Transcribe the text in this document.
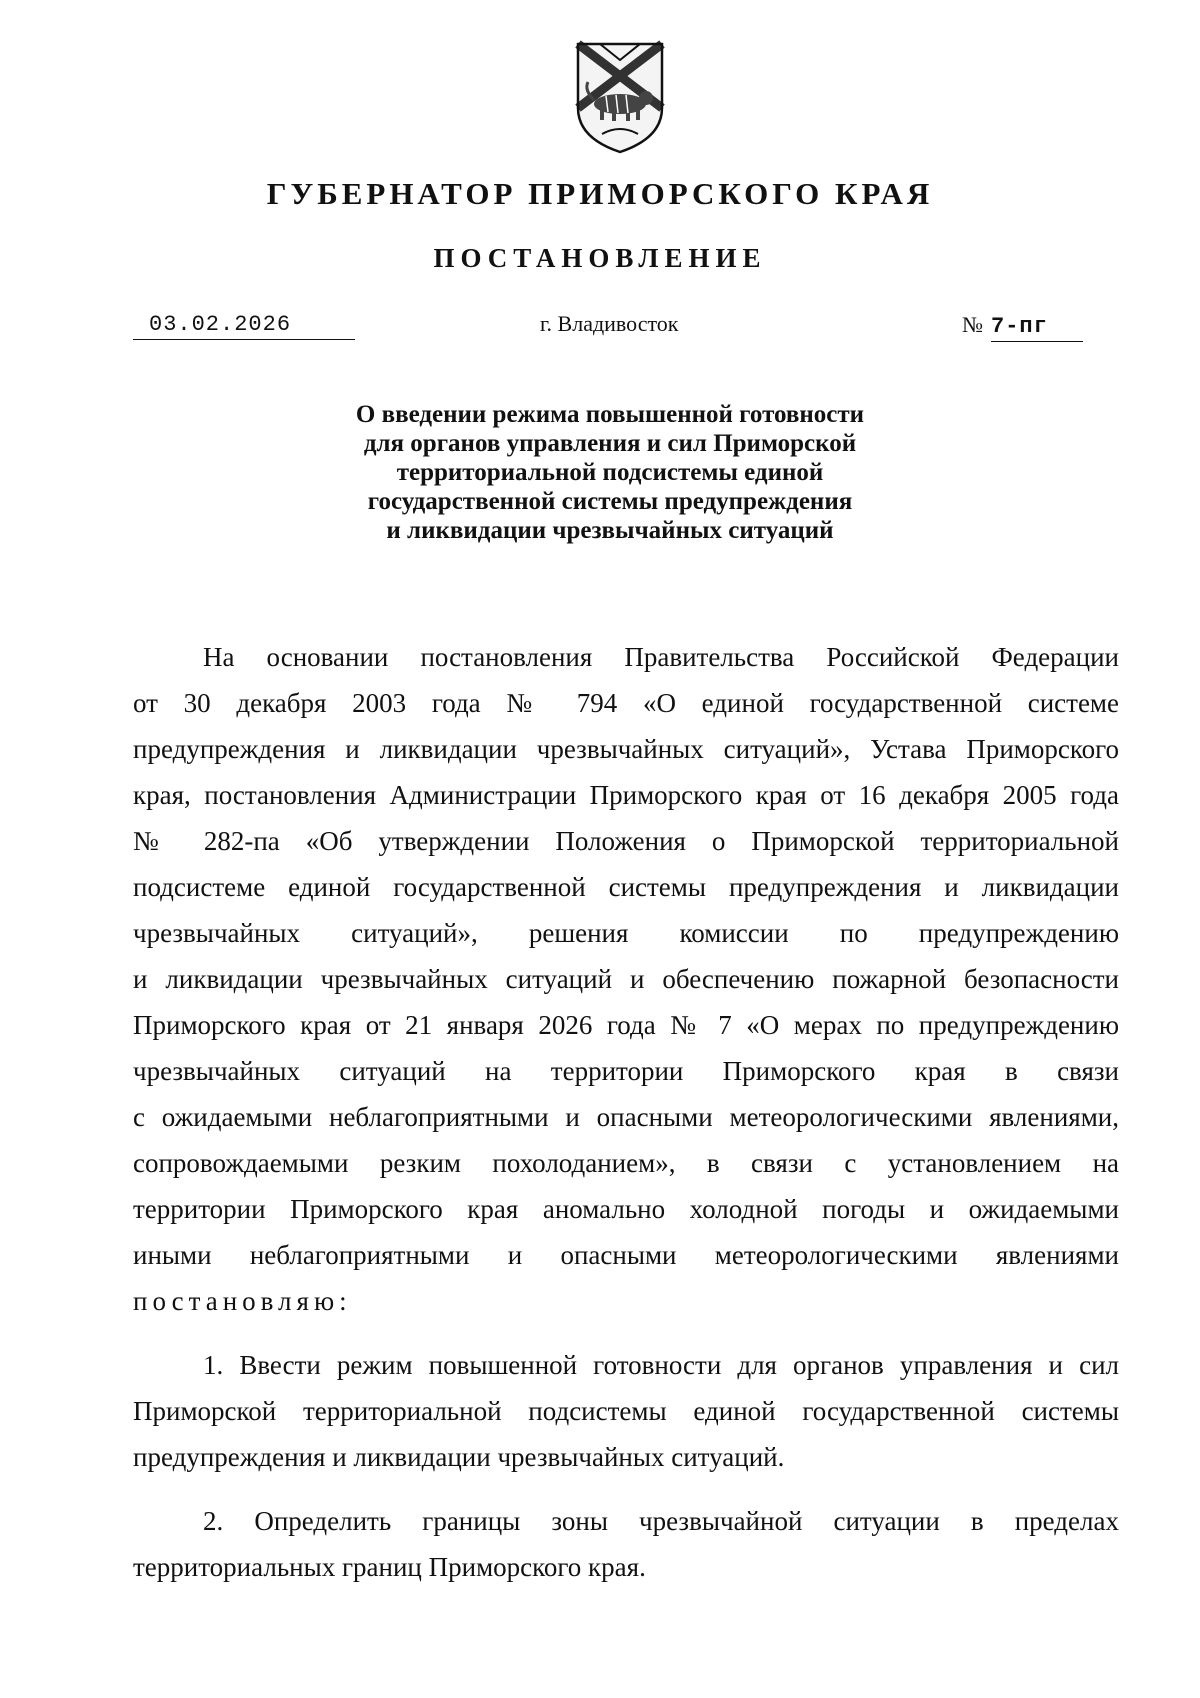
ГУБЕРНАТОР ПРИМОРСКОГО КРАЯ
ПОСТАНОВЛЕНИЕ
03.02.2026	г. Владивосток	№ 7-пг
О введении режима повышенной готовности
для органов управления и сил Приморской
территориальной подсистемы единой
государственной системы предупреждения
и ликвидации чрезвычайных ситуаций
На основании постановления Правительства Российской Федерации
от 30 декабря 2003 года № 794 «О единой государственной системе
предупреждения и ликвидации чрезвычайных ситуаций», Устава Приморского
края, постановления Администрации Приморского края от 16 декабря 2005 года
№ 282-па «Об утверждении Положения о Приморской территориальной
подсистеме единой государственной системы предупреждения и ликвидации
чрезвычайных ситуаций», решения комиссии по предупреждению
и ликвидации чрезвычайных ситуаций и обеспечению пожарной безопасности
Приморского края от 21 января 2026 года № 7 «О мерах по предупреждению
чрезвычайных ситуаций на территории Приморского края в связи
с ожидаемыми неблагоприятными и опасными метеорологическими явлениями,
сопровождаемыми резким похолоданием», в связи с установлением на
территории Приморского края аномально холодной погоды и ожидаемыми
иными неблагоприятными и опасными метеорологическими явлениями
постановляю:
1. Ввести режим повышенной готовности для органов управления и сил
Приморской территориальной подсистемы единой государственной системы
предупреждения и ликвидации чрезвычайных ситуаций.
2. Определить границы зоны чрезвычайной ситуации в пределах
территориальных границ Приморского края.
